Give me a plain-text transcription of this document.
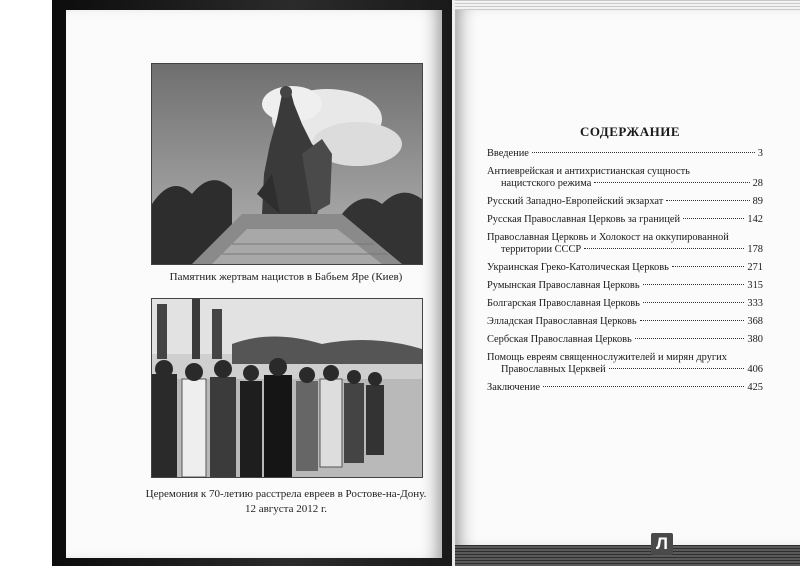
Памятник жертвам нацистов в Бабьем Яре (Киев)
Церемония к 70-летию расстрела евреев в Ростове-на-Дону.
12 августа 2012 г.
СОДЕРЖАНИЕ
Введение	3
Антиеврейская и антихристианская сущность
нацистского режима	28
Русский Западно-Европейский экзархат	89
Русская Православная Церковь за границей	142
Православная Церковь и Холокост на оккупированной
территории СССР	178
Украинская Греко-Католическая Церковь	271
Румынская Православная Церковь	315
Болгарская Православная Церковь	333
Элладская Православная Церковь	368
Сербская Православная Церковь	380
Помощь евреям священнослужителей и мирян других
Православных Церквей	406
Заключение	425
Л
